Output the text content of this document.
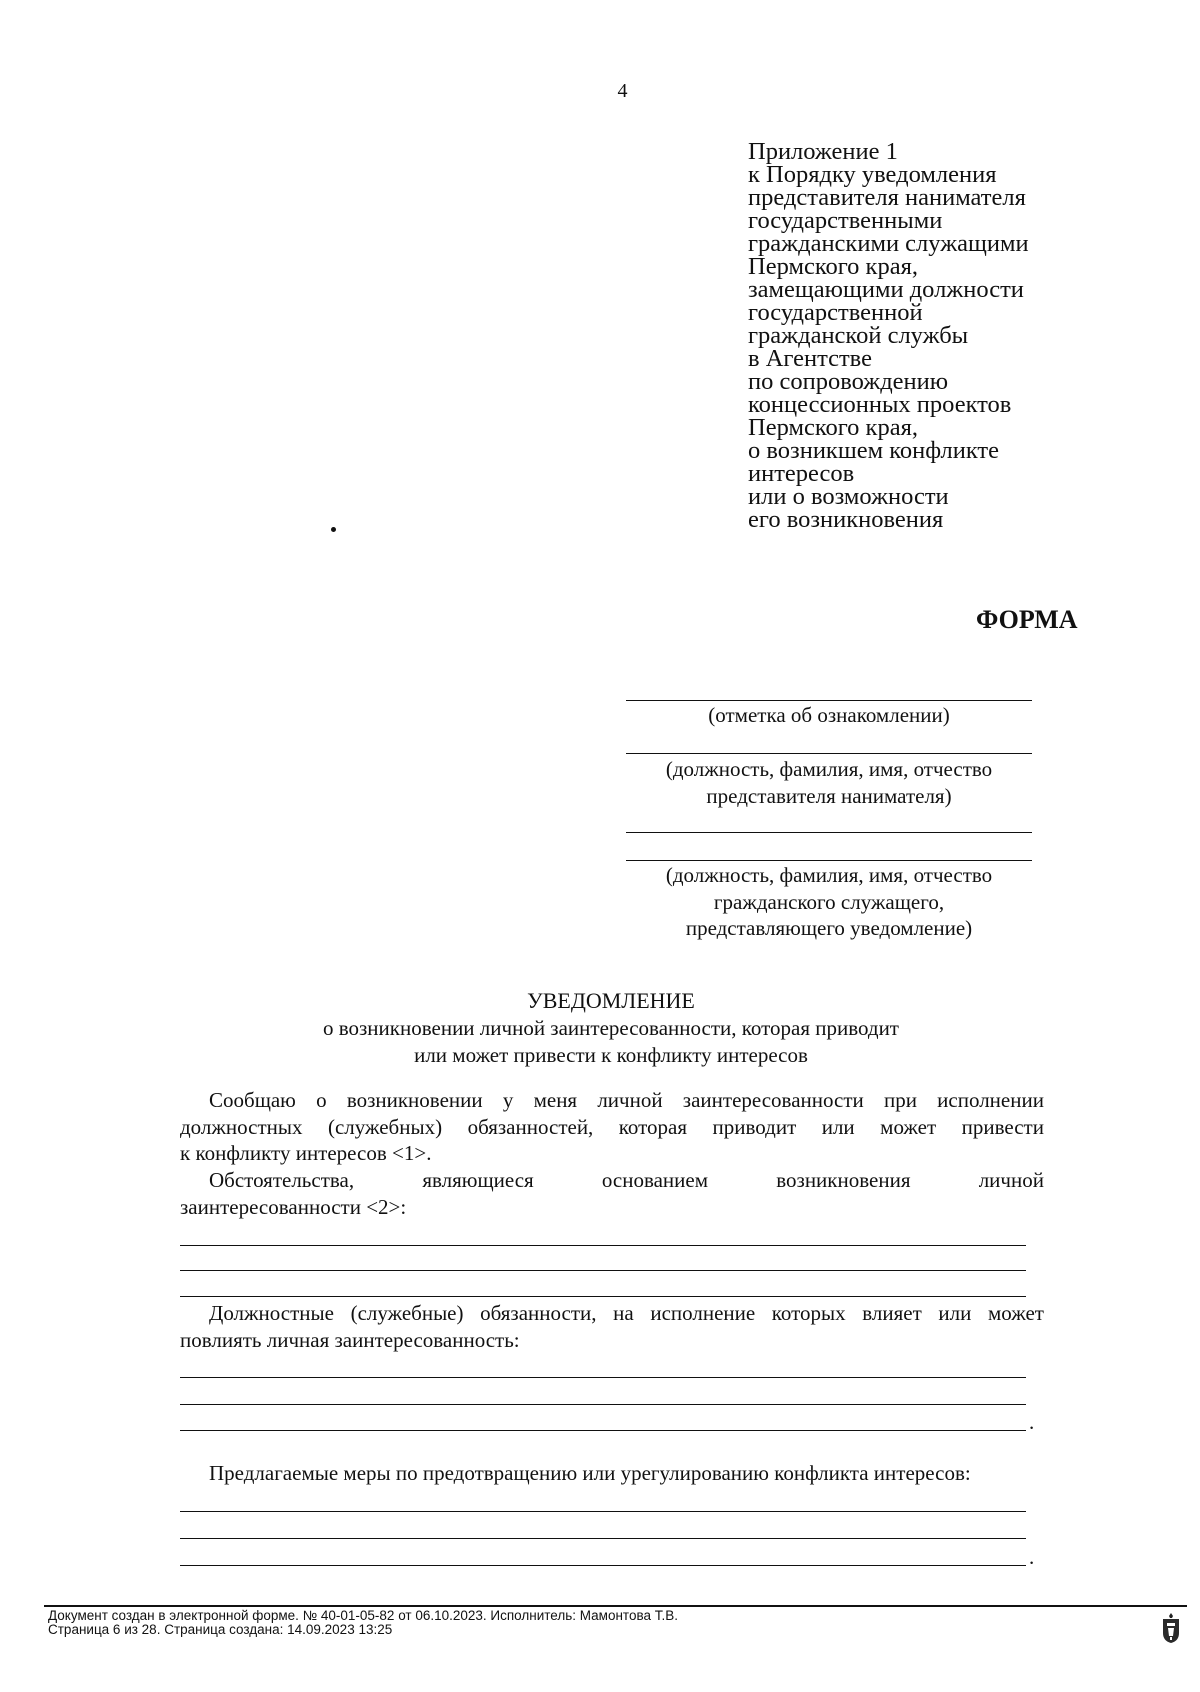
4
Приложение 1
к Порядку уведомления
представителя нанимателя
государственными
гражданскими служащими
Пермского края,
замещающими должности
государственной
гражданской службы
в Агентстве
по сопровождению
концессионных проектов
Пермского края,
о возникшем конфликте
интересов
или о возможности
его возникновения
ФОРМА
(отметка об ознакомлении)
(должность, фамилия, имя, отчество
представителя нанимателя)
(должность, фамилия, имя, отчество
гражданского служащего,
представляющего уведомление)
УВЕДОМЛЕНИЕ
о возникновении личной заинтересованности, которая приводит
или может привести к конфликту интересов
Сообщаю о возникновении у меня личной заинтересованности при исполнении
должностных (служебных) обязанностей, которая приводит или может привести
к конфликту интересов <1>.
Обстоятельства,	являющиеся	основанием	возникновения	личной
заинтересованности <2>:
Должностные (служебные) обязанности, на исполнение которых влияет или может
повлиять личная заинтересованность:
.
Предлагаемые меры по предотвращению или урегулированию конфликта интересов:
.
Документ создан в электронной форме. № 40-01-05-82 от 06.10.2023. Исполнитель: Мамонтова Т.В.
Страница 6 из 28. Страница создана: 14.09.2023 13:25
